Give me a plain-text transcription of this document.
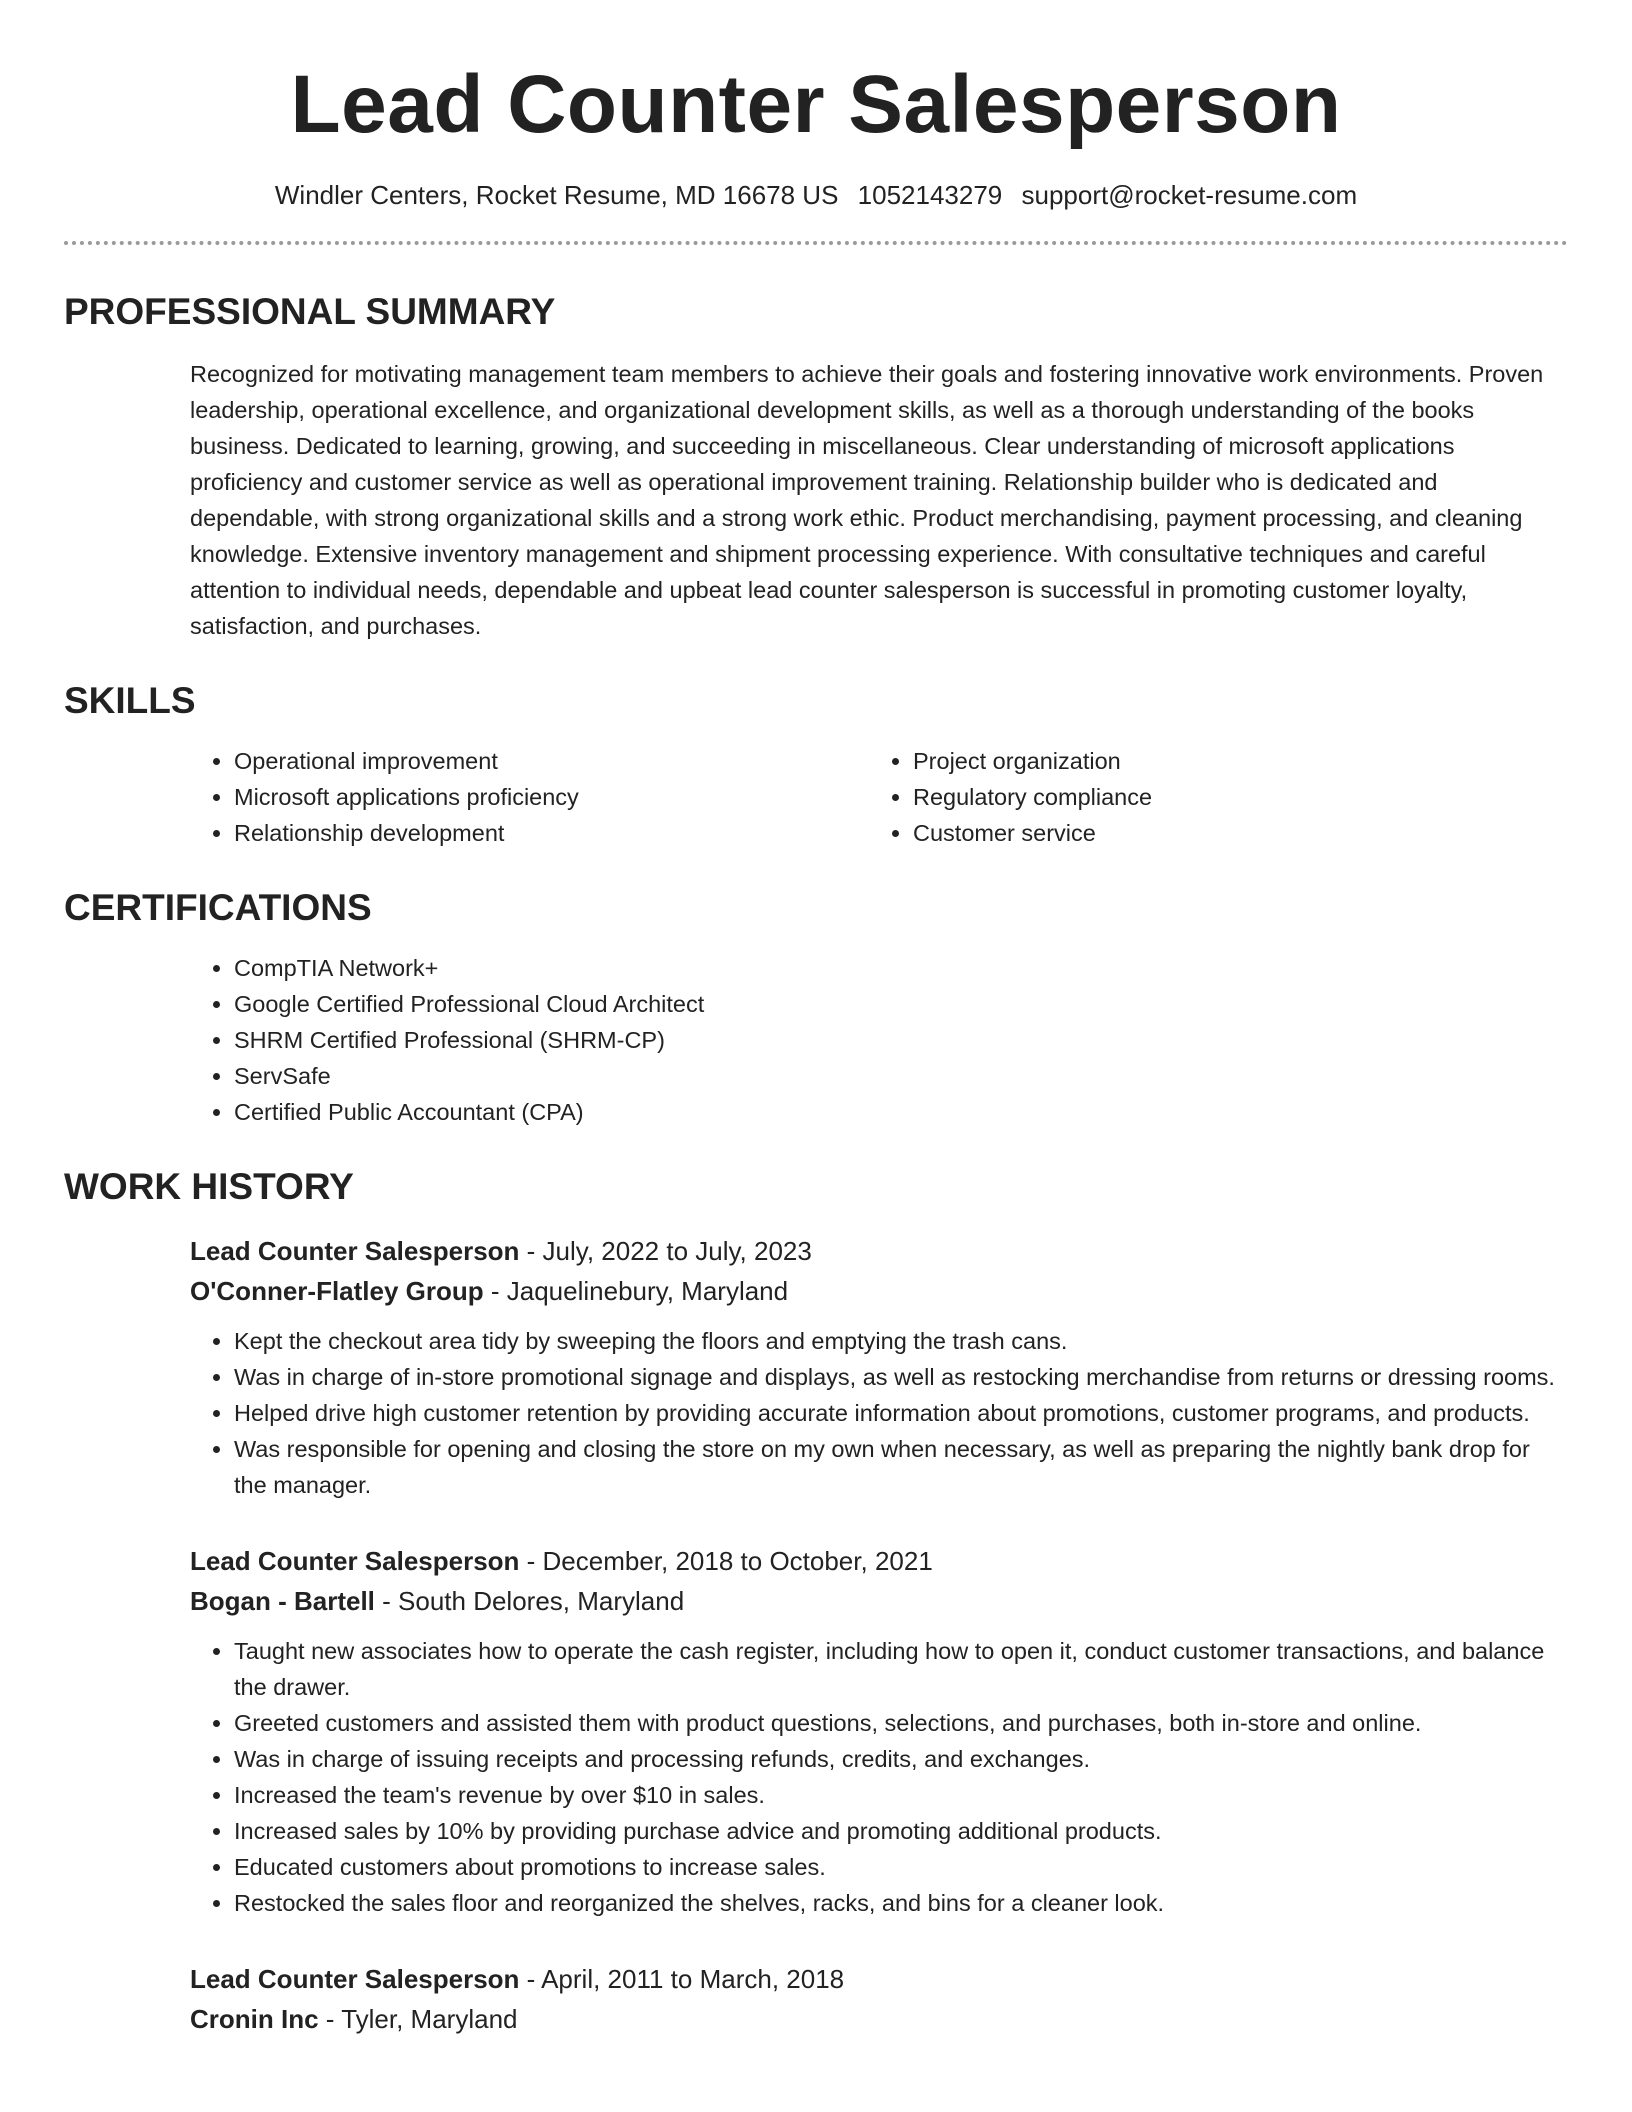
Lead Counter Salesperson
Windler Centers, Rocket Resume, MD 16678 US 1052143279 support@rocket-resume.com
PROFESSIONAL SUMMARY
Recognized for motivating management team members to achieve their goals and fostering innovative work environments. Proven leadership, operational excellence, and organizational development skills, as well as a thorough understanding of the books business. Dedicated to learning, growing, and succeeding in miscellaneous. Clear understanding of microsoft applications proficiency and customer service as well as operational improvement training. Relationship builder who is dedicated and dependable, with strong organizational skills and a strong work ethic. Product merchandising, payment processing, and cleaning knowledge. Extensive inventory management and shipment processing experience. With consultative techniques and careful attention to individual needs, dependable and upbeat lead counter salesperson is successful in promoting customer loyalty, satisfaction, and purchases.
SKILLS
• Operational improvement
• Microsoft applications proficiency
• Relationship development
• Project organization
• Regulatory compliance
• Customer service
CERTIFICATIONS
• CompTIA Network+
• Google Certified Professional Cloud Architect
• SHRM Certified Professional (SHRM-CP)
• ServSafe
• Certified Public Accountant (CPA)
WORK HISTORY
Lead Counter Salesperson - July, 2022 to July, 2023
O'Conner-Flatley Group - Jaquelinebury, Maryland
• Kept the checkout area tidy by sweeping the floors and emptying the trash cans.
• Was in charge of in-store promotional signage and displays, as well as restocking merchandise from returns or dressing rooms.
• Helped drive high customer retention by providing accurate information about promotions, customer programs, and products.
• Was responsible for opening and closing the store on my own when necessary, as well as preparing the nightly bank drop for the manager.
Lead Counter Salesperson - December, 2018 to October, 2021
Bogan - Bartell - South Delores, Maryland
• Taught new associates how to operate the cash register, including how to open it, conduct customer transactions, and balance the drawer.
• Greeted customers and assisted them with product questions, selections, and purchases, both in-store and online.
• Was in charge of issuing receipts and processing refunds, credits, and exchanges.
• Increased the team's revenue by over $10 in sales.
• Increased sales by 10% by providing purchase advice and promoting additional products.
• Educated customers about promotions to increase sales.
• Restocked the sales floor and reorganized the shelves, racks, and bins for a cleaner look.
Lead Counter Salesperson - April, 2011 to March, 2018
Cronin Inc - Tyler, Maryland
